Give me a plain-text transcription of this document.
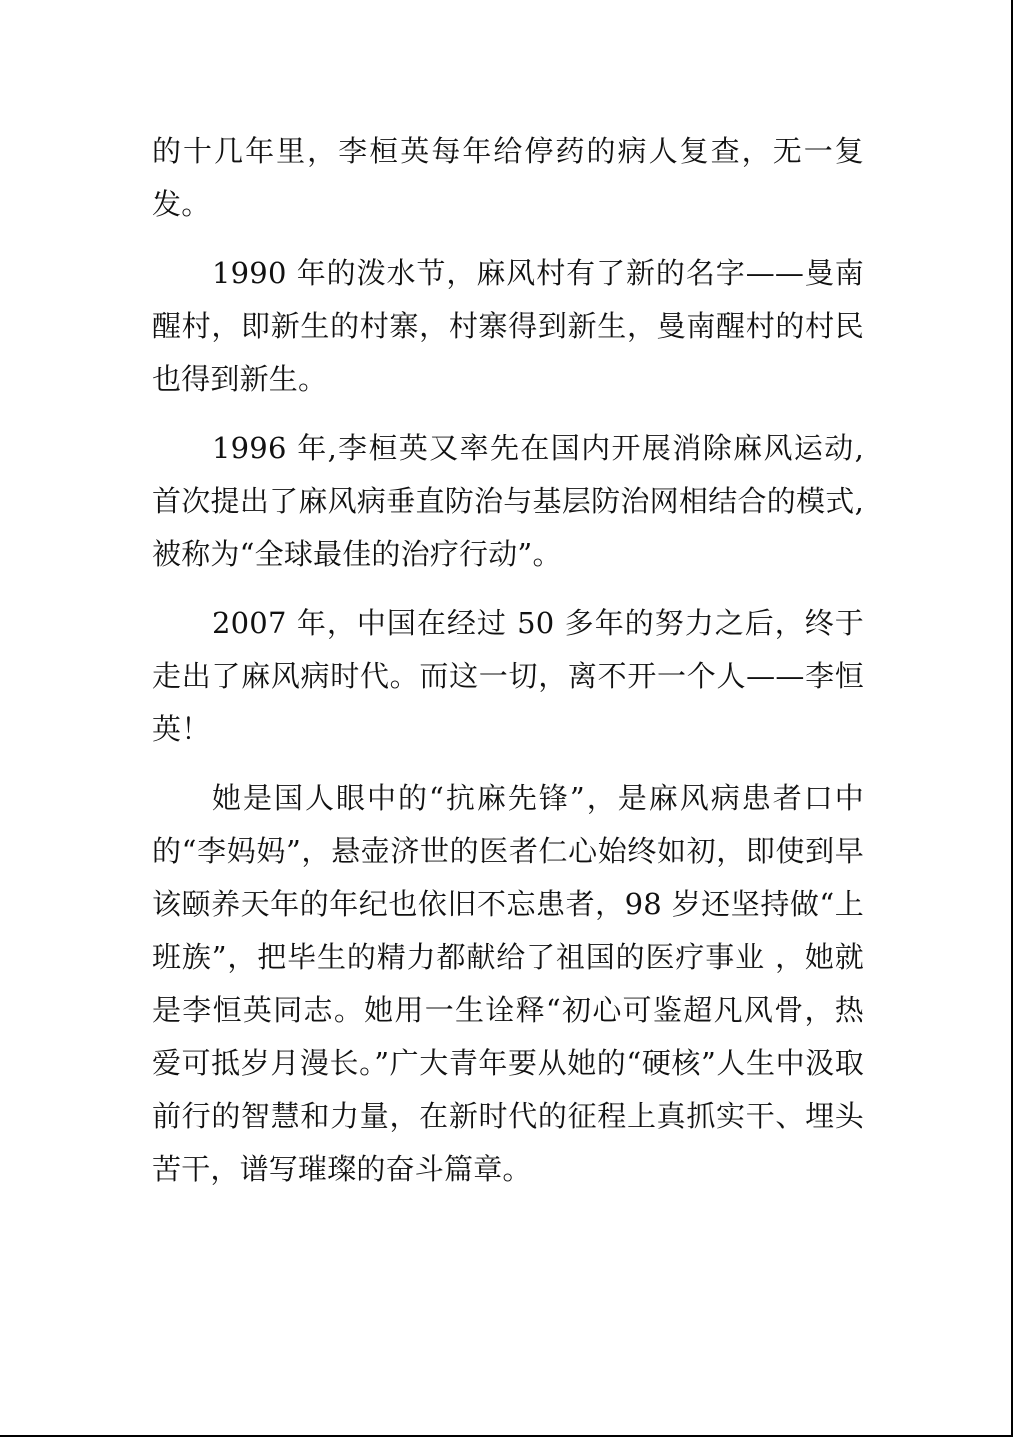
的十几年里，李桓英每年给停药的病人复查，无一复发。

1990 年的泼水节，麻风村有了新的名字——曼南醒村，即新生的村寨，村寨得到新生，曼南醒村的村民也得到新生。

1996 年,李桓英又率先在国内开展消除麻风运动,首次提出了麻风病垂直防治与基层防治网相结合的模式,被称为“全球最佳的治疗行动”。

2007 年，中国在经过 50 多年的努力之后，终于走出了麻风病时代。而这一切，离不开一个人——李恒英！

她是国人眼中的“抗麻先锋”，是麻风病患者口中的“李妈妈”，悬壶济世的医者仁心始终如初，即使到早该颐养天年的年纪也依旧不忘患者，98 岁还坚持做“上班族”，把毕生的精力都献给了祖国的医疗事业 ，她就是李恒英同志。她用一生诠释“初心可鉴超凡风骨，热爱可抵岁月漫长。”广大青年要从她的“硬核”人生中汲取前行的智慧和力量，在新时代的征程上真抓实干、埋头苦干，谱写璀璨的奋斗篇章。
